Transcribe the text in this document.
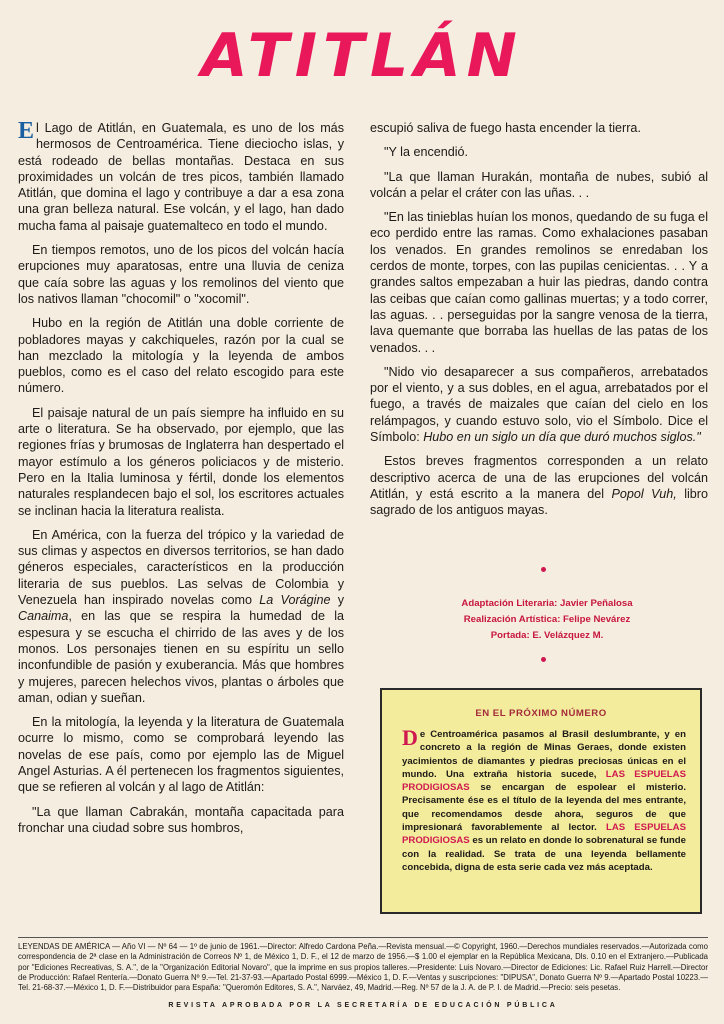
ATITLÁN

El Lago de Atitlán, en Guatemala, es uno de los más hermosos de Centroamérica. Tiene dieciocho islas, y está rodeado de bellas montañas. Destaca en sus proximidades un volcán de tres picos, también llamado Atitlán, que domina el lago y contribuye a dar a esa zona una gran belleza natural. Ese volcán, y el lago, han dado mucha fama al paisaje guatemalteco en todo el mundo.

En tiempos remotos, uno de los picos del volcán hacía erupciones muy aparatosas, entre una lluvia de ceniza que caía sobre las aguas y los remolinos del viento que los nativos llaman "chocomil" o "xocomil".

Hubo en la región de Atitlán una doble corriente de pobladores mayas y cakchiqueles, razón por la cual se han mezclado la mitología y la leyenda de ambos pueblos, como es el caso del relato escogido para este número.

El paisaje natural de un país siempre ha influido en su arte o literatura. Se ha observado, por ejemplo, que las regiones frías y brumosas de Inglaterra han despertado el mayor estímulo a los géneros policiacos y de misterio. Pero en la Italia luminosa y fértil, donde los elementos naturales resplandecen bajo el sol, los escritores actuales se inclinan hacia la literatura realista.

En América, con la fuerza del trópico y la variedad de sus climas y aspectos en diversos territorios, se han dado géneros especiales, característicos en la producción literaria de sus pueblos. Las selvas de Colombia y Venezuela han inspirado novelas como La Vorágine y Canaima, en las que se respira la humedad de la espesura y se escucha el chirrido de las aves y de los monos. Los personajes tienen en su espíritu un sello inconfundible de pasión y exuberancia. Más que hombres y mujeres, parecen helechos vivos, plantas o árboles que aman, odian y sueñan.

En la mitología, la leyenda y la literatura de Guatemala ocurre lo mismo, como se comprobará leyendo las novelas de ese país, como por ejemplo las de Miguel Angel Asturias. A él pertenecen los fragmentos siguientes, que se refieren al volcán y al lago de Atitlán:

"La que llaman Cabrakán, montaña capacitada para fronchar una ciudad sobre sus hombros,

escupió saliva de fuego hasta encender la tierra.

"Y la encendió.

"La que llaman Hurakán, montaña de nubes, subió al volcán a pelar el cráter con las uñas. . .

"En las tinieblas huían los monos, quedando de su fuga el eco perdido entre las ramas. Como exhalaciones pasaban los venados. En grandes remolinos se enredaban los cerdos de monte, torpes, con las pupilas cenicientas. . . Y a grandes saltos empezaban a huir las piedras, dando contra las ceibas que caían como gallinas muertas; y a todo correr, las aguas. . . perseguidas por la sangre venosa de la tierra, lava quemante que borraba las huellas de las patas de los venados. . .

"Nido vio desaparecer a sus compañeros, arrebatados por el viento, y a sus dobles, en el agua, arrebatados por el fuego, a través de maizales que caían del cielo en los relámpagos, y cuando estuvo solo, vio el Símbolo. Dice el Símbolo: Hubo en un siglo un día que duró muchos siglos."

Estos breves fragmentos corresponden a un relato descriptivo acerca de una de las erupciones del volcán Atitlán, y está escrito a la manera del Popol Vuh, libro sagrado de los antiguos mayas.

Adaptación Literaria: Javier Peñalosa
Realización Artística: Felipe Nevárez
Portada: E. Velázquez M.
EN EL PRÓXIMO NÚMERO
De Centroamérica pasamos al Brasil deslumbrante, y en concreto a la región de Minas Geraes, donde existen yacimientos de diamantes y piedras preciosas únicas en el mundo. Una extraña historia sucede, LAS ESPUELAS PRODIGIOSAS se encargan de espolear el misterio. Precisamente ése es el título de la leyenda del mes entrante, que recomendamos desde ahora, seguros de que impresionará favorablemente al lector. LAS ESPUELAS PRODIGIOSAS es un relato en donde lo sobrenatural se funde con la realidad. Se trata de una leyenda bellamente concebida, digna de esta serie cada vez más aceptada.
LEYENDAS DE AMÉRICA — Año VI — Nº 64 — 1º de junio de 1961.—Director: Alfredo Cardona Peña.—Revista mensual.—© Copyright, 1960.—Derechos mundiales reservados.—Autorizada como correspondencia de 2ª clase en la Administración de Correos Nº 1, de México 1, D. F., el 12 de marzo de 1956.—$ 1.00 el ejemplar en la República Mexicana, Dls. 0.10 en el Extranjero.—Publicada por "Ediciones Recreativas, S. A.", de la "Organización Editorial Novaro", que la imprime en sus propios talleres.—Presidente: Luis Novaro.—Director de Ediciones: Lic. Rafael Ruiz Harrell.—Director de Producción: Rafael Rentería.—Donato Guerra Nº 9.—Tel. 21-37-93.—Apartado Postal 6999.—México 1, D. F.—Ventas y suscripciones: "DIPUSA", Donato Guerra Nº 9.—Apartado Postal 10223.—Tel. 21-68-37.—México 1, D. F.—Distribuidor para España: "Queromón Editores, S. A.", Narváez, 49, Madrid.—Reg. Nº 57 de la J. A. de P. I. de Madrid.—Precio: seis pesetas.
REVISTA APROBADA POR LA SECRETARÍA DE EDUCACIÓN PÚBLICA
